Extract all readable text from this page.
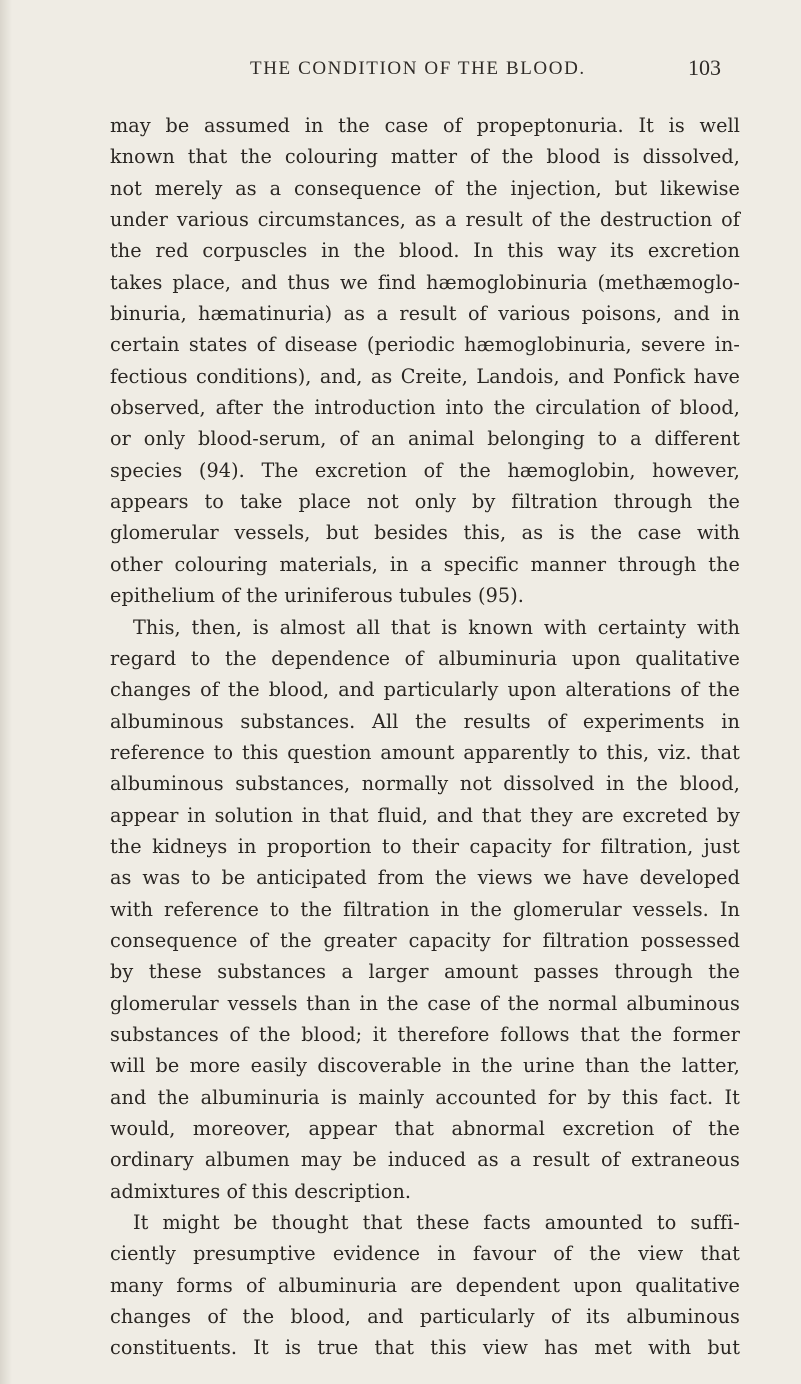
THE CONDITION OF THE BLOOD.	103
may be assumed in the case of propeptonuria. It is well
known that the colouring matter of the blood is dissolved,
not merely as a consequence of the injection, but likewise
under various circumstances, as a result of the destruction of
the red corpuscles in the blood. In this way its excretion
takes place, and thus we find hæmoglobinuria (methæmoglo-
binuria, hæmatinuria) as a result of various poisons, and in
certain states of disease (periodic hæmoglobinuria, severe in-
fectious conditions), and, as Creite, Landois, and Ponfick have
observed, after the introduction into the circulation of blood,
or only blood-serum, of an animal belonging to a different
species (94). The excretion of the hæmoglobin, however,
appears to take place not only by filtration through the
glomerular vessels, but besides this, as is the case with
other colouring materials, in a specific manner through the
epithelium of the uriniferous tubules (95).
This, then, is almost all that is known with certainty with
regard to the dependence of albuminuria upon qualitative
changes of the blood, and particularly upon alterations of the
albuminous substances. All the results of experiments in
reference to this question amount apparently to this, viz. that
albuminous substances, normally not dissolved in the blood,
appear in solution in that fluid, and that they are excreted by
the kidneys in proportion to their capacity for filtration, just
as was to be anticipated from the views we have developed
with reference to the filtration in the glomerular vessels. In
consequence of the greater capacity for filtration possessed
by these substances a larger amount passes through the
glomerular vessels than in the case of the normal albuminous
substances of the blood; it therefore follows that the former
will be more easily discoverable in the urine than the latter,
and the albuminuria is mainly accounted for by this fact. It
would, moreover, appear that abnormal excretion of the
ordinary albumen may be induced as a result of extraneous
admixtures of this description.
It might be thought that these facts amounted to suffi-
ciently presumptive evidence in favour of the view that
many forms of albuminuria are dependent upon qualitative
changes of the blood, and particularly of its albuminous
constituents. It is true that this view has met with but
